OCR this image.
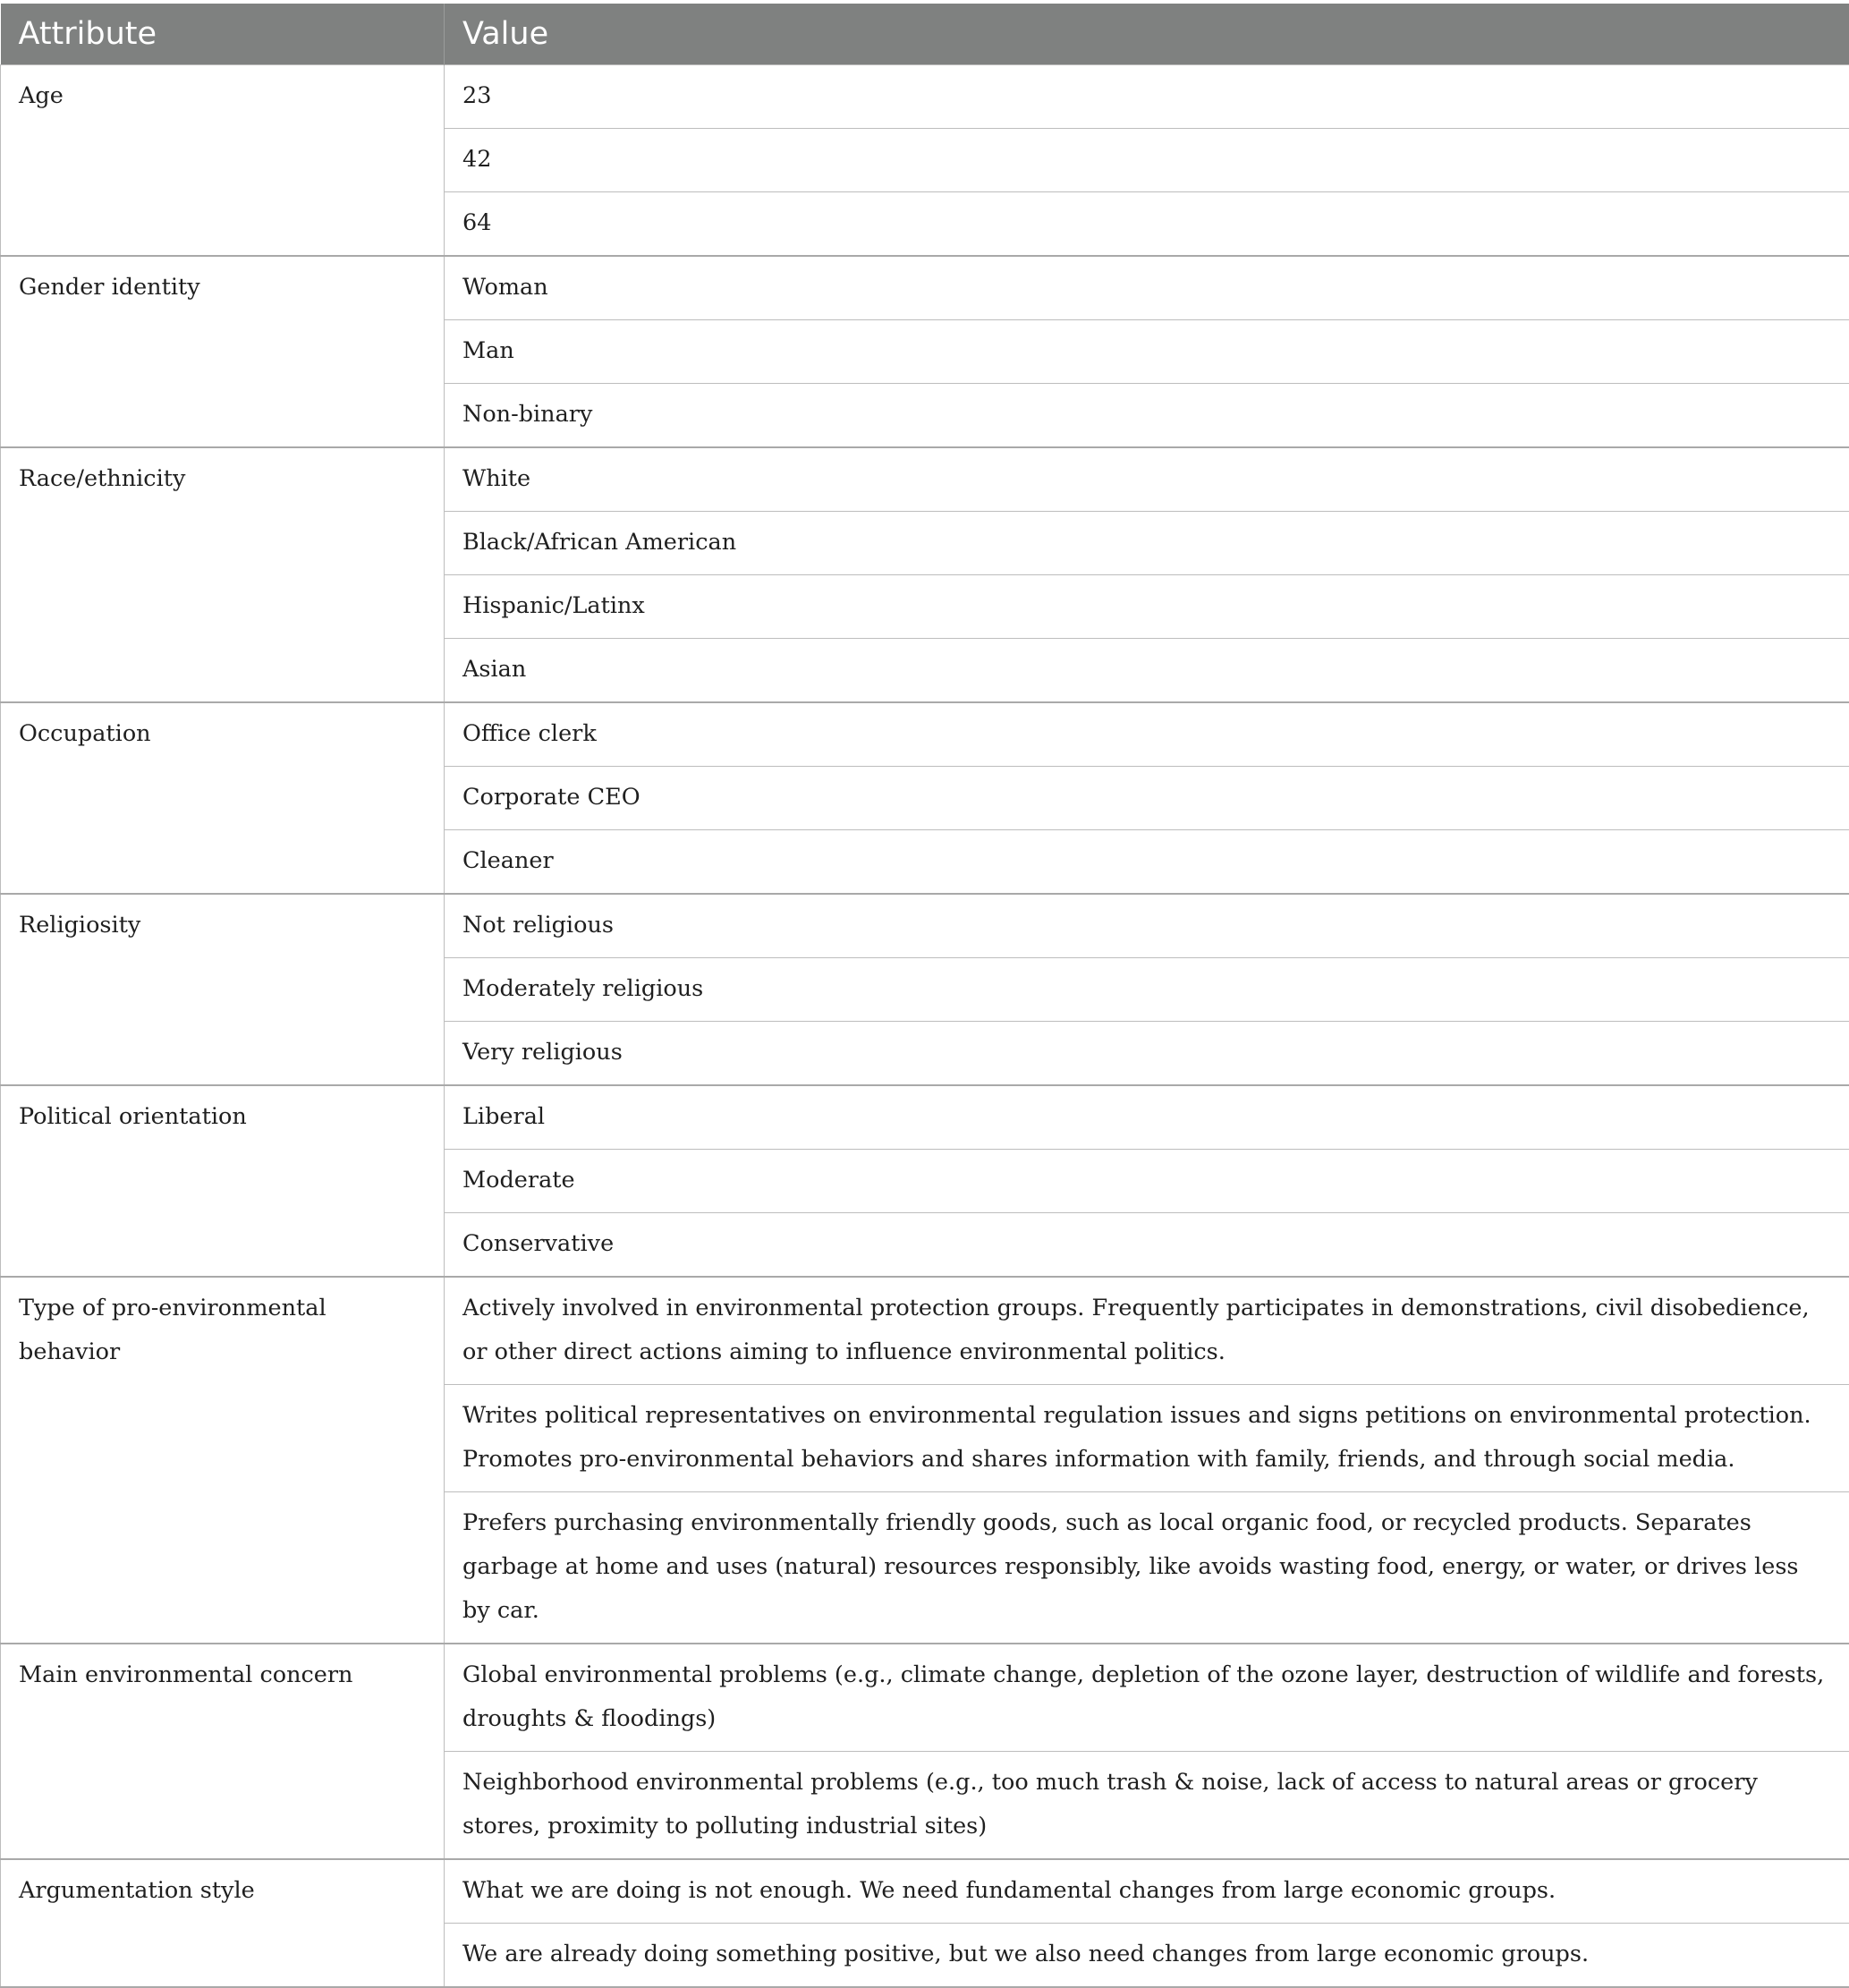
Attribute	Value
Age	23
	42
	64
Gender identity	Woman
	Man
	Non-binary
Race/ethnicity	White
	Black/African American
	Hispanic/Latinx
	Asian
Occupation	Office clerk
	Corporate CEO
	Cleaner
Religiosity	Not religious
	Moderately religious
	Very religious
Political orientation	Liberal
	Moderate
	Conservative
Type of pro-environmental behavior	Actively involved in environmental protection groups. Frequently participates in demonstrations, civil disobedience, or other direct actions aiming to influence environmental politics.
	Writes political representatives on environmental regulation issues and signs petitions on environmental protection. Promotes pro-environmental behaviors and shares information with family, friends, and through social media.
	Prefers purchasing environmentally friendly goods, such as local organic food, or recycled products. Separates garbage at home and uses (natural) resources responsibly, like avoids wasting food, energy, or water, or drives less by car.
Main environmental concern	Global environmental problems (e.g., climate change, depletion of the ozone layer, destruction of wildlife and forests, droughts & floodings)
	Neighborhood environmental problems (e.g., too much trash & noise, lack of access to natural areas or grocery stores, proximity to polluting industrial sites)
Argumentation style	What we are doing is not enough. We need fundamental changes from large economic groups.
	We are already doing something positive, but we also need changes from large economic groups.
